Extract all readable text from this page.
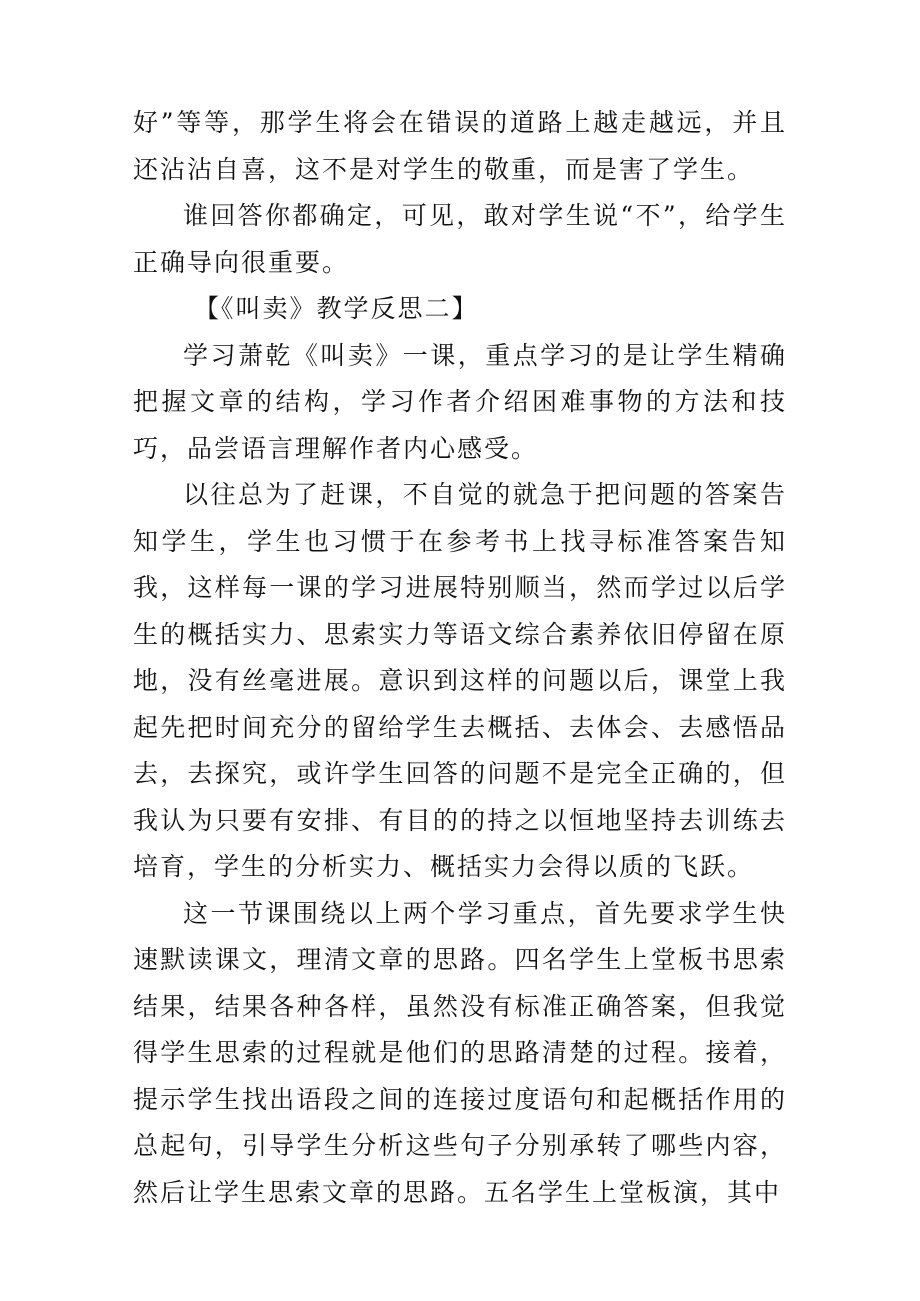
好”等等，那学生将会在错误的道路上越走越远，并且还沾沾自喜，这不是对学生的敬重，而是害了学生。

谁回答你都确定，可见，敢对学生说“不”，给学生正确导向很重要。

【《叫卖》教学反思二】

学习萧乾《叫卖》一课，重点学习的是让学生精确把握文章的结构，学习作者介绍困难事物的方法和技巧，品尝语言理解作者内心感受。

以往总为了赶课，不自觉的就急于把问题的答案告知学生，学生也习惯于在参考书上找寻标准答案告知我，这样每一课的学习进展特别顺当，然而学过以后学生的概括实力、思索实力等语文综合素养依旧停留在原地，没有丝毫进展。意识到这样的问题以后，课堂上我起先把时间充分的留给学生去概括、去体会、去感悟品去，去探究，或许学生回答的问题不是完全正确的，但我认为只要有安排、有目的的持之以恒地坚持去训练去培育，学生的分析实力、概括实力会得以质的飞跃。

这一节课围绕以上两个学习重点，首先要求学生快速默读课文，理清文章的思路。四名学生上堂板书思索结果，结果各种各样，虽然没有标准正确答案，但我觉得学生思索的过程就是他们的思路清楚的过程。接着，提示学生找出语段之间的连接过度语句和起概括作用的总起句，引导学生分析这些句子分别承转了哪些内容，然后让学生思索文章的思路。五名学生上堂板演，其中
